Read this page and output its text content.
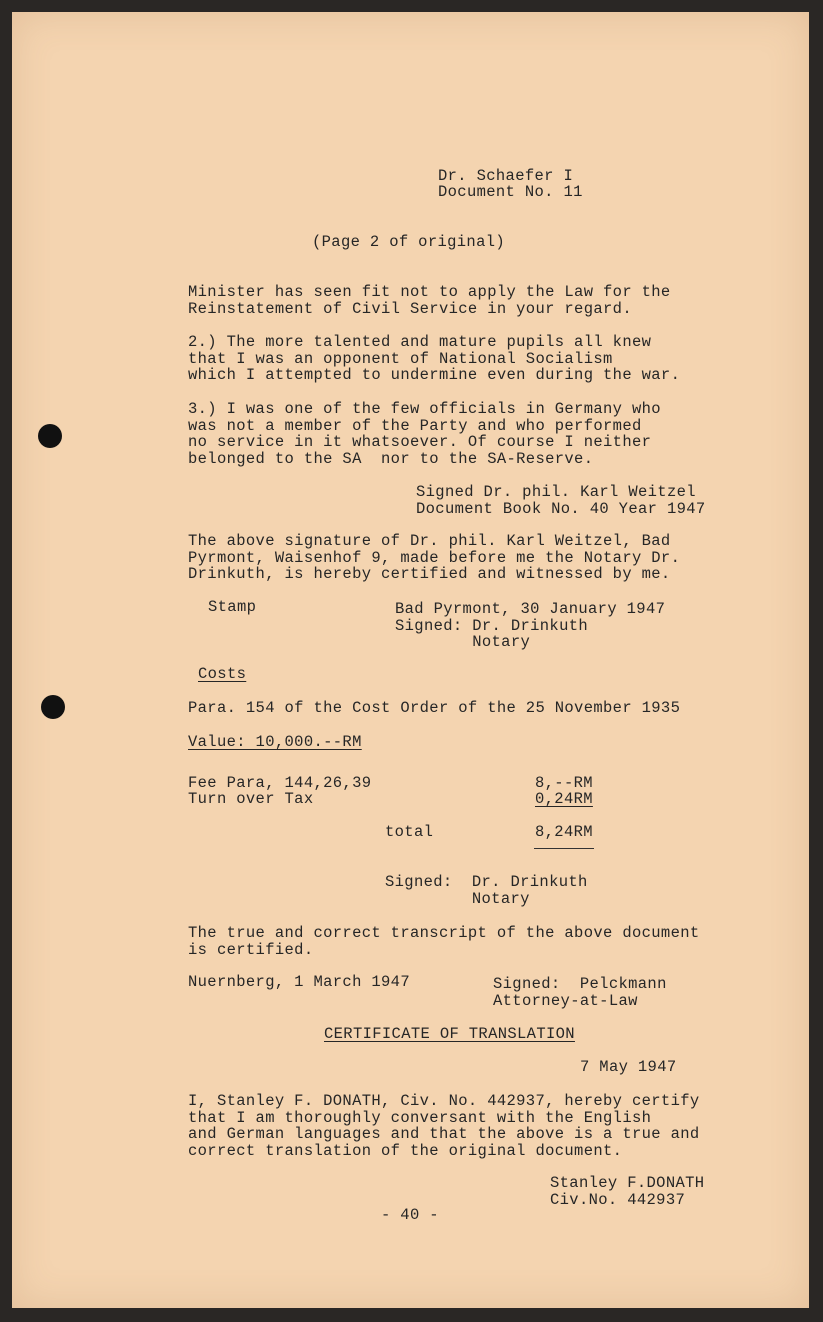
Dr. Schaefer I

Document No. 11

(Page 2 of original)

Minister has seen fit not to apply the Law for the
Reinstatement of Civil Service in your regard.

2.) The more talented and mature pupils all knew
that I was an opponent of National Socialism
which I attempted to undermine even during the war.

3.) I was one of the few officials in Germany who
was not a member of the Party and who performed
no service in it whatsoever. Of course I neither
belonged to the SA  nor to the SA-Reserve.

Signed Dr. phil. Karl Weitzel
Document Book No. 40 Year 1947

The above signature of Dr. phil. Karl Weitzel, Bad
Pyrmont, Waisenhof 9, made before me the Notary Dr.
Drinkuth, is hereby certified and witnessed by me.

Stamp	Bad Pyrmont, 30 January 1947
Signed: Dr. Drinkuth
Notary

Costs

Para. 154 of the Cost Order of the 25 November 1935

Value: 10,000.--RM

Fee Para, 144,26,39	8,--RM

Turn over Tax	0,24RM

total	8,24RM

Signed:  Dr. Drinkuth
Notary

The true and correct transcript of the above document
is certified.

Nuernberg, 1 March 1947	Signed:  Pelckmann
Attorney-at-Law

CERTIFICATE OF TRANSLATION

7 May 1947

I, Stanley F. DONATH, Civ. No. 442937, hereby certify
that I am thoroughly conversant with the English
and German languages and that the above is a true and
correct translation of the original document.

Stanley F.DONATH
Civ.No. 442937

- 40 -
